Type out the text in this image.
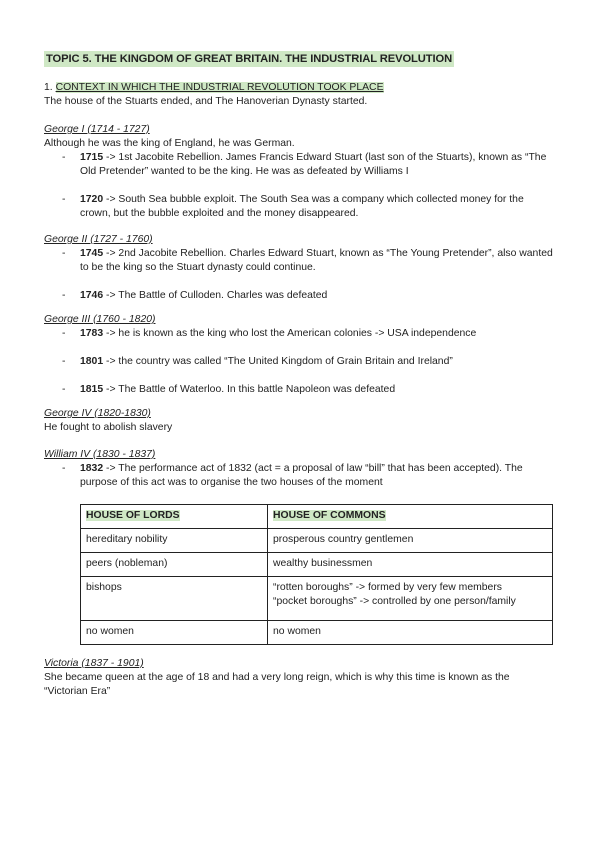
TOPIC 5. THE KINGDOM OF GREAT BRITAIN. THE INDUSTRIAL REVOLUTION
1. CONTEXT IN WHICH THE INDUSTRIAL REVOLUTION TOOK PLACE
The house of the Stuarts ended, and The Hanoverian Dynasty started.
George I (1714 - 1727)
Although he was the king of England, he was German.
- 1715 -> 1st Jacobite Rebellion. James Francis Edward Stuart (last son of the Stuarts), known as “The Old Pretender” wanted to be the king. He was as defeated by Williams I
- 1720 -> South Sea bubble exploit. The South Sea was a company which collected money for the crown, but the bubble exploited and the money disappeared.
George II (1727 - 1760)
- 1745 -> 2nd Jacobite Rebellion. Charles Edward Stuart, known as “The Young Pretender”, also wanted to be the king so the Stuart dynasty could continue.
- 1746 -> The Battle of Culloden. Charles was defeated
George III (1760 - 1820)
- 1783 -> he is known as the king who lost the American colonies -> USA independence
- 1801 -> the country was called “The United Kingdom of Grain Britain and Ireland”
- 1815 -> The Battle of Waterloo. In this battle Napoleon was defeated
George IV (1820-1830)
He fought to abolish slavery
William IV (1830 - 1837)
- 1832 -> The performance act of 1832 (act = a proposal of law “bill” that has been accepted). The purpose of this act was to organise the two houses of the moment
HOUSE OF LORDS	HOUSE OF COMMONS
hereditary nobility	prosperous country gentlemen
peers (nobleman)	wealthy businessmen
bishops	“rotten boroughs” -> formed by very few members
“pocket boroughs” -> controlled by one person/family

no women	no women
Victoria (1837 - 1901)
She became queen at the age of 18 and had a very long reign, which is why this time is known as the “Victorian Era”
